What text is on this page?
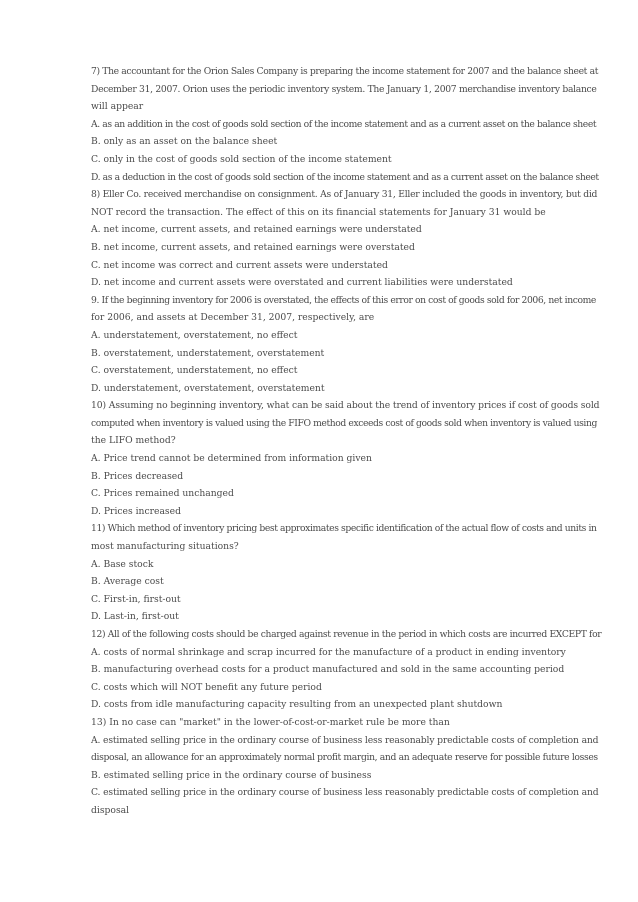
7) The accountant for the Orion Sales Company is preparing the income statement for 2007 and the balance sheet at
December 31, 2007. Orion uses the periodic inventory system. The January 1, 2007 merchandise inventory balance
will appear
A. as an addition in the cost of goods sold section of the income statement and as a current asset on the balance sheet
B. only as an asset on the balance sheet
C. only in the cost of goods sold section of the income statement
D. as a deduction in the cost of goods sold section of the income statement and as a current asset on the balance sheet
8) Eller Co. received merchandise on consignment. As of January 31, Eller included the goods in inventory, but did
NOT record the transaction. The effect of this on its financial statements for January 31 would be
A. net income, current assets, and retained earnings were understated
B. net income, current assets, and retained earnings were overstated
C. net income was correct and current assets were understated
D. net income and current assets were overstated and current liabilities were understated
9. If the beginning inventory for 2006 is overstated, the effects of this error on cost of goods sold for 2006, net income
for 2006, and assets at December 31, 2007, respectively, are
A. understatement, overstatement, no effect
B. overstatement, understatement, overstatement
C. overstatement, understatement, no effect
D. understatement, overstatement, overstatement
10) Assuming no beginning inventory, what can be said about the trend of inventory prices if cost of goods sold
computed when inventory is valued using the FIFO method exceeds cost of goods sold when inventory is valued using
the LIFO method?
A. Price trend cannot be determined from information given
B. Prices decreased
C. Prices remained unchanged
D. Prices increased
11) Which method of inventory pricing best approximates specific identification of the actual flow of costs and units in
most manufacturing situations?
A. Base stock
B. Average cost
C. First-in, first-out
D. Last-in, first-out
12) All of the following costs should be charged against revenue in the period in which costs are incurred EXCEPT for
A. costs of normal shrinkage and scrap incurred for the manufacture of a product in ending inventory
B. manufacturing overhead costs for a product manufactured and sold in the same accounting period
C. costs which will NOT benefit any future period
D. costs from idle manufacturing capacity resulting from an unexpected plant shutdown
13) In no case can "market" in the lower-of-cost-or-market rule be more than
A. estimated selling price in the ordinary course of business less reasonably predictable costs of completion and
disposal, an allowance for an approximately normal profit margin, and an adequate reserve for possible future losses
B. estimated selling price in the ordinary course of business
C. estimated selling price in the ordinary course of business less reasonably predictable costs of completion and
disposal
